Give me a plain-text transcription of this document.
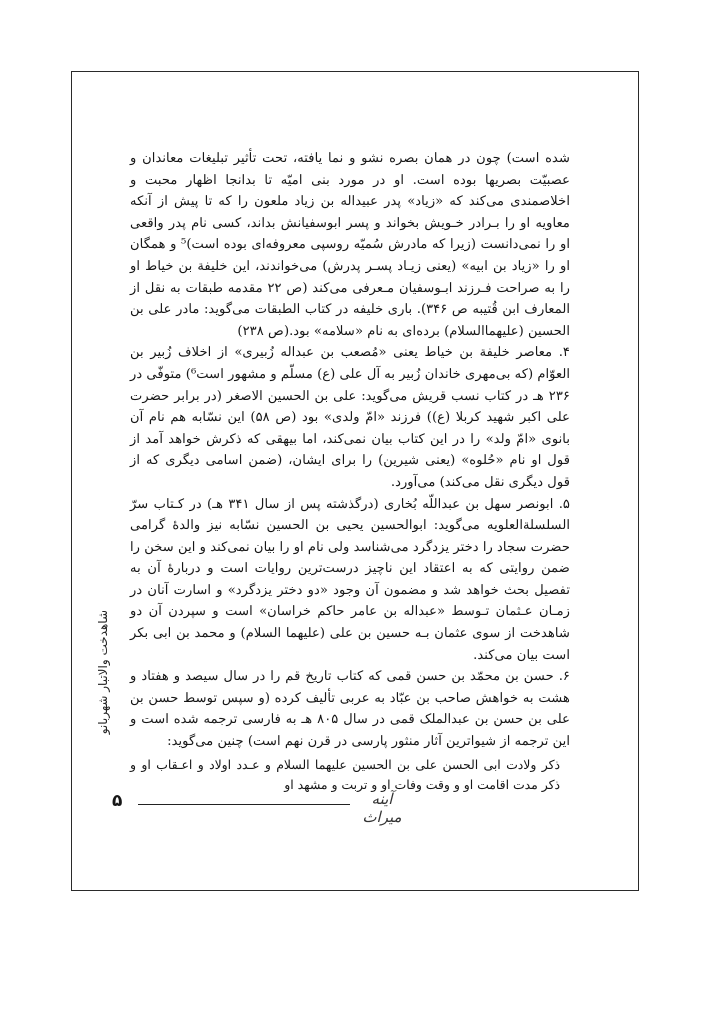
شده است) چون در همان بصره نشو و نما یافته، تحت تأثیر تبلیغات معاندان و عصبیّت بصریها بوده است. او در مورد بنی امیّه تا بدانجا اظهار محبت و اخلاصمندی می‌کند که «زیاد» پدر عبیداله بن زیاد ملعون را که تا پیش از آنکه معاویه او را بـرادر خـویش بخواند و پسر ابوسفیانش بداند، کسی نام پدر واقعی او را نمی‌دانست (زیرا که مادرش سُمیّه روسپی معروفه‌ای بوده است)⁵ و همگان او را «زیاد بن ابیه» (یعنی زیـاد پسـر پدرش) می‌خواندند، این خلیفة بن خیاط او را به صراحت فـرزند ابـوسفیان مـعرفی می‌کند (ص ۲۲ مقدمه طبقات به نقل از المعارف ابن قُتیبه ص ۳۴۶). باری خلیفه در کتاب الطبقات می‌گوید: مادر علی بن الحسین (علیهماالسلام) برده‌ای به نام «سلامه» بود.(ص ۲۳۸)

۴. معاصر خلیفة بن خیاط یعنی «مُصعب بن عبداله زُبیری» از اخلاف زُبیر بن العوّام (که بی‌مهری خاندان زُبیر به آل علی (ع) مسلّم و مشهور است⁶) متوفّی در ۲۳۶ هـ در کتاب نسب قریش می‌گوید: علی بن الحسین الاصغر (در برابر حضرت علی اکبر شهید کربلا (ع)) فرزند «امّ ولدی» بود (ص ۵۸) این نسّابه هم نام آن بانوی «امّ ولد» را در این کتاب بیان نمی‌کند، اما بیهقی که ذکرش خواهد آمد از قول او نام «حُلوه» (یعنی شیرین) را برای ایشان، (ضمن اسامی دیگری که از قول دیگری نقل می‌کند) می‌آورد.

۵. ابونصر سهل بن عبداللّه بُخاری (درگذشته پس از سال ۳۴۱ هـ) در کـتاب سرّ السلسلةالعلویه می‌گوید: ابوالحسین یحیی بن الحسین نسّابه نیز والدهٔ گرامی حضرت سجاد را دختر یزدگرد می‌شناسد ولی نام او را بیان نمی‌کند و این سخن را ضمن روایتی که به اعتقاد این ناچیز درست‌ترین روایات است و دربارهٔ آن به تفصیل بحث خواهد شد و مضمون آن وجود «دو دختر یزدگرد» و اسارت آنان در زمـان عـثمان تـوسط «عبداله بن عامر حاکم خراسان» است و سپردن آن دو شاهدخت از سوی عثمان بـه حسین بن علی (علیهما السلام) و محمد بن ابی بکر است بیان می‌کند.

۶. حسن بن محمّد بن حسن قمی که کتاب تاریخ قم را در سال سیصد و هفتاد و هشت به خواهش صاحب بن عبّاد به عربی تألیف کرده (و سپس توسط حسن بن علی بن حسن بن عبدالملک قمی در سال ۸۰۵ هـ به فارسی ترجمه شده است و این ترجمه از شیواترین آثار منثور پارسی در قرن نهم است) چنین می‌گوید:

ذکر ولادت ابی الحسن علی بن الحسین علیهما السلام و عـدد اولاد و اعـقاب او و ذکر مدت اقامت او و وقت وفات او و تربت و مشهد او

شاهدخت والاتبار شهربانو
آینه میراث
۵
